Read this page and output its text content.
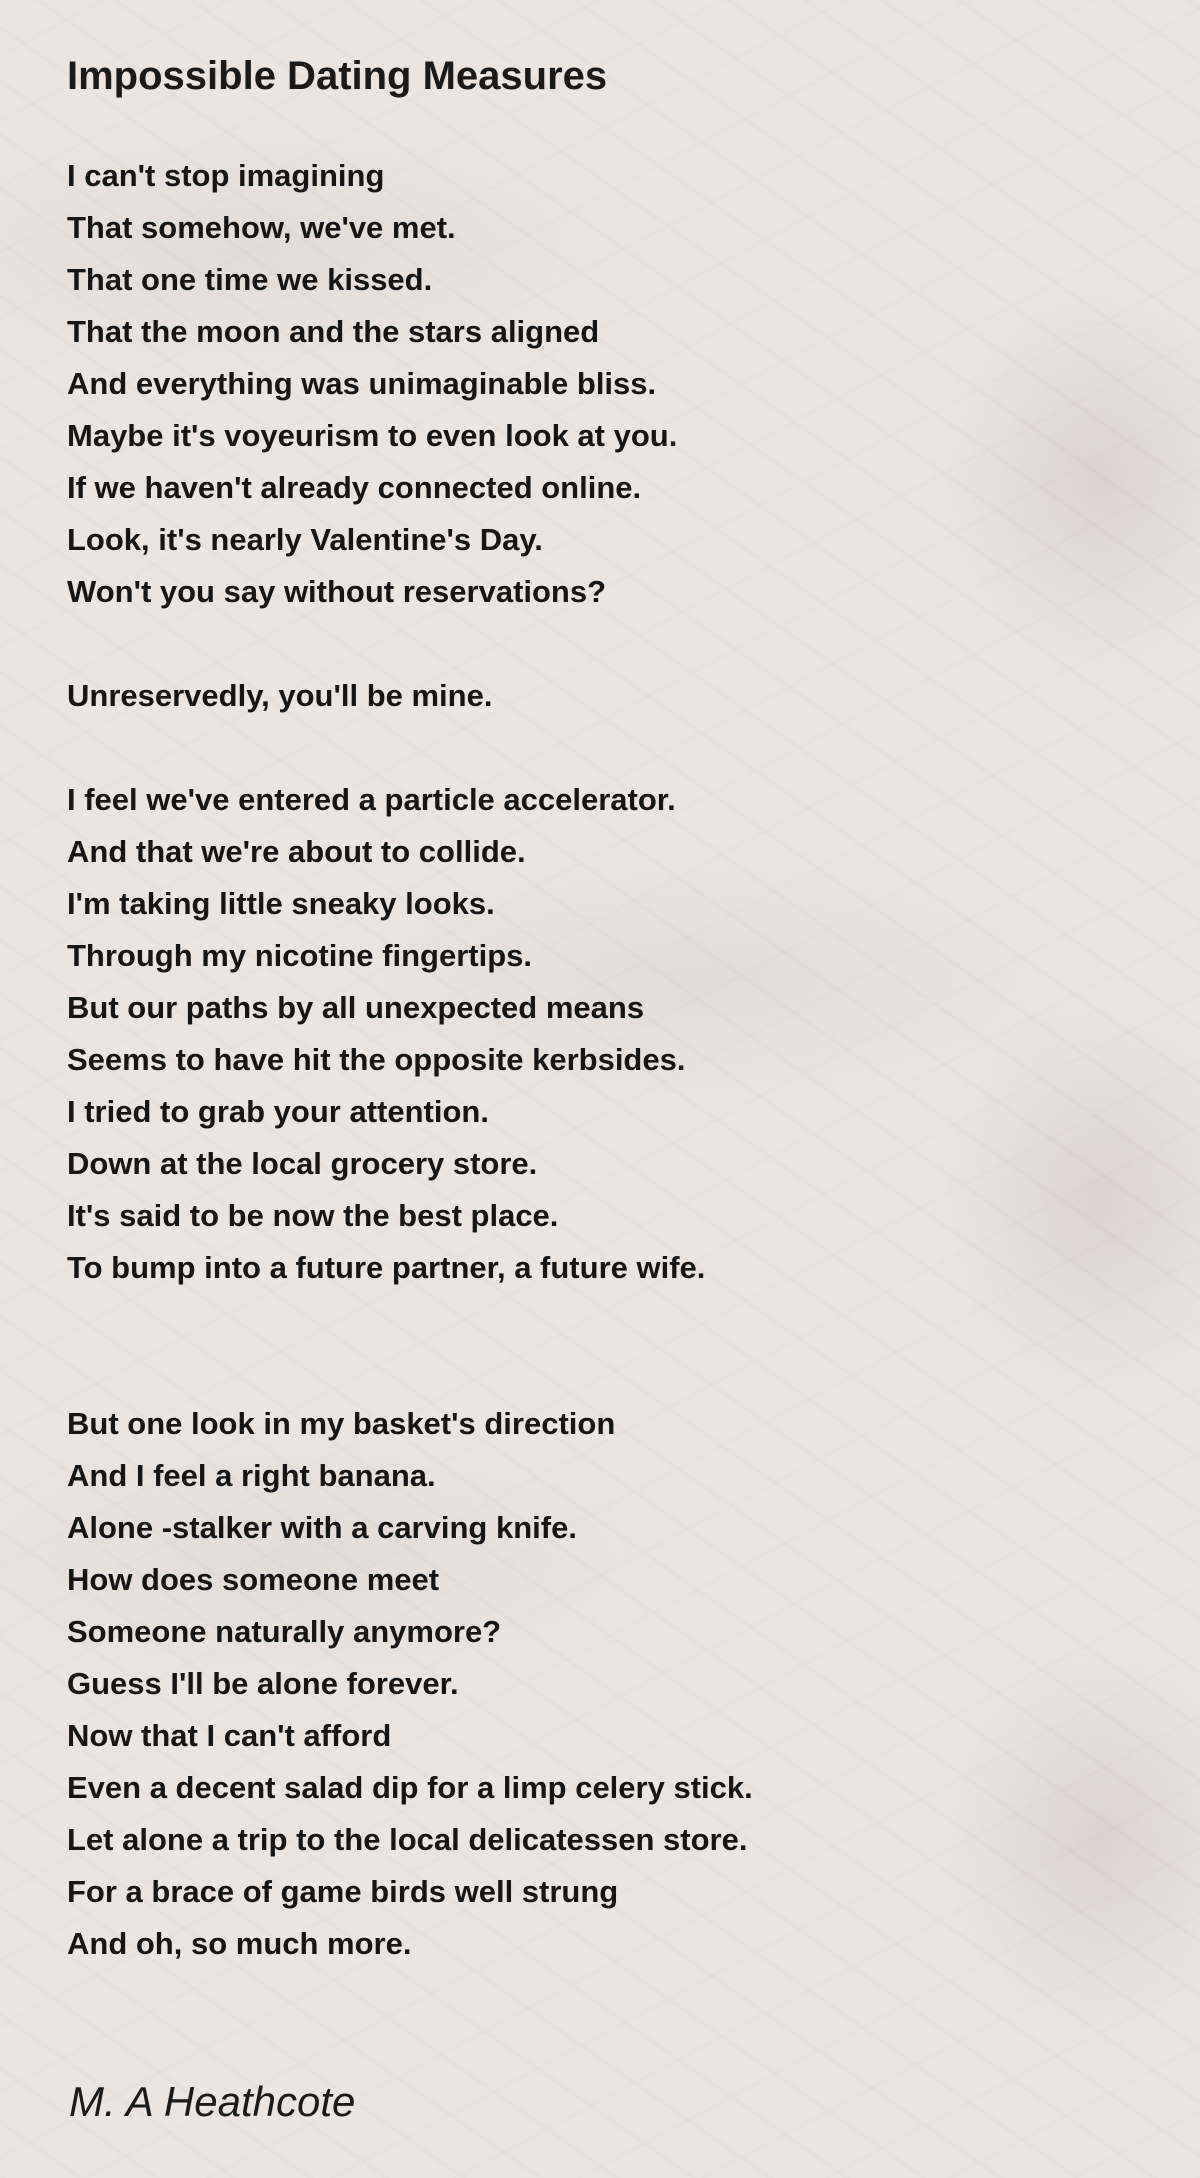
Impossible Dating Measures
I can't stop imagining
That somehow, we've met.
That one time we kissed.
That the moon and the stars aligned
And everything was unimaginable bliss.
Maybe it's voyeurism to even look at you.
If we haven't already connected online.
Look, it's nearly Valentine's Day.
Won't you say without reservations?
Unreservedly, you'll be mine.
I feel we've entered a particle accelerator.
And that we're about to collide.
I'm taking little sneaky looks.
Through my nicotine fingertips.
But our paths by all unexpected means
Seems to have hit the opposite kerbsides.
I tried to grab your attention.
Down at the local grocery store.
It's said to be now the best place.
To bump into a future partner, a future wife.
But one look in my basket's direction
And I feel a right banana.
Alone -stalker with a carving knife.
How does someone meet
Someone naturally anymore?
Guess I'll be alone forever.
Now that I can't afford
Even a decent salad dip for a limp celery stick.
Let alone a trip to the local delicatessen store.
For a brace of game birds well strung
And oh, so much more.

M. A Heathcote
